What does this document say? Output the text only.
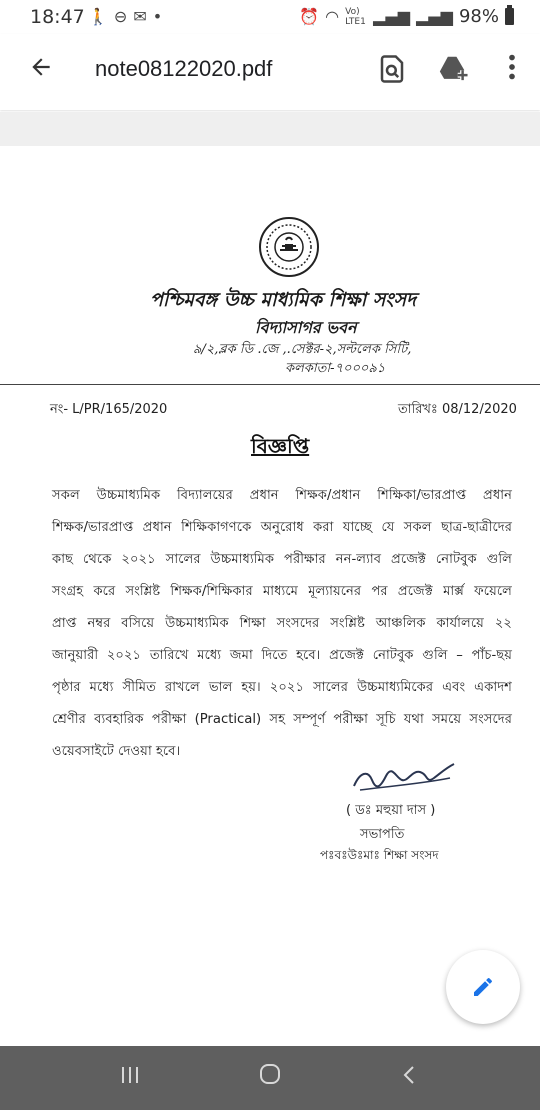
18:47 🚶⊖✉•	⏰ ◠ Vo) LTE1 ▂▄▆ ▂▄▆ 98%
note08122020.pdf
পশ্চিমবঙ্গ উচ্চ মাধ্যমিক শিক্ষা সংসদ
বিদ্যাসাগর ভবন
৯/২,ব্লক ডি .জে ,.সেক্টর-২,সল্টলেক সিটি,
কলকাতা-৭০০০৯১
নং- L/PR/165/2020	তারিখঃ 08/12/2020
বিজ্ঞপ্তি
সকল উচ্চমাধ্যমিক বিদ্যালয়ের প্রধান শিক্ষক/প্রধান শিক্ষিকা/ভারপ্রাপ্ত প্রধান
শিক্ষক/ভারপ্রাপ্ত প্রধান শিক্ষিকাগণকে অনুরোধ করা যাচ্ছে যে সকল ছাত্র-ছাত্রীদের
কাছ থেকে ২০২১ সালের উচ্চমাধ্যমিক পরীক্ষার নন-ল্যাব প্রজেক্ট নোটবুক গুলি
সংগ্রহ করে সংশ্লিষ্ট শিক্ষক/শিক্ষিকার মাধ্যমে মূল্যায়নের পর প্রজেক্ট মার্ক্স ফয়েলে
প্রাপ্ত নম্বর বসিয়ে উচ্চমাধ্যমিক শিক্ষা সংসদের সংশ্লিষ্ট আঞ্চলিক কার্যালয়ে ২২
জানুয়ারী ২০২১ তারিখে মধ্যে জমা দিতে হবে। প্রজেক্ট নোটবুক গুলি – পাঁচ-ছয়
পৃষ্ঠার মধ্যে সীমিত রাখলে ভাল হয়। ২০২১ সালের উচ্চমাধ্যমিকের এবং একাদশ
শ্রেণীর ব্যবহারিক পরীক্ষা (Practical) সহ সম্পূর্ণ পরীক্ষা সূচি যথা সময়ে সংসদের
ওয়েবসাইটে দেওয়া হবে।
( ডঃ মহুয়া দাস )
সভাপতি
পঃবঃউঃমাঃ শিক্ষা সংসদ
